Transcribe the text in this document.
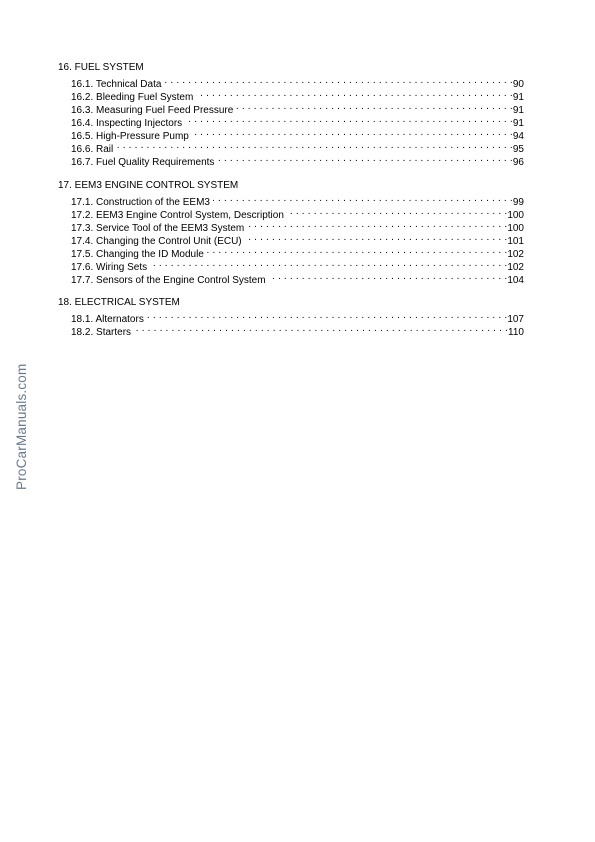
16. FUEL SYSTEM
16.1. Technical Data . . .	90
16.2. Bleeding Fuel System . . .	91
16.3. Measuring Fuel Feed Pressure . . .	91
16.4. Inspecting Injectors . . .	91
16.5. High-Pressure Pump . . .	94
16.6. Rail . . .	95
16.7. Fuel Quality Requirements . . .	96
17. EEM3 ENGINE CONTROL SYSTEM
17.1. Construction of the EEM3 . . .	99
17.2. EEM3 Engine Control System, Description . . .	100
17.3. Service Tool of the EEM3 System . . .	100
17.4. Changing the Control Unit (ECU) . . .	101
17.5. Changing the ID Module . . .	102
17.6. Wiring Sets . . .	102
17.7. Sensors of the Engine Control System . . .	104
18. ELECTRICAL SYSTEM
18.1. Alternators . . .	107
18.2. Starters . . .	110
ProCarManuals.com
